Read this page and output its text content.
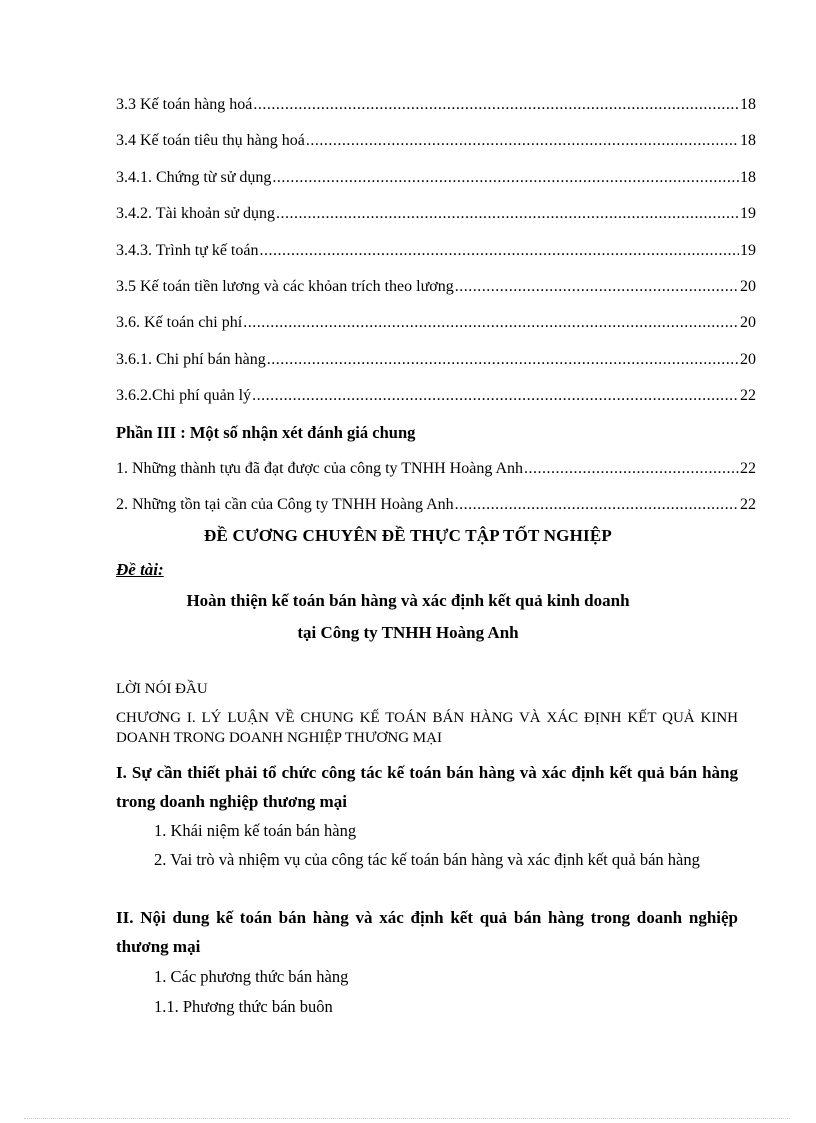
3.3 Kế toán hàng hoá .....	18
3.4 Kế toán tiêu thụ hàng hoá .....	18
3.4.1. Chứng từ sử dụng .....	18
3.4.2. Tài khoản sử dụng .....	19
3.4.3. Trình tự kế toán .....	19
3.5 Kế toán tiền lương và các khỏan trích theo lương .....	20
3.6. Kế toán chi phí .....	20
3.6.1. Chi phí bán hàng .....	20
3.6.2.Chi phí quản lý .....	22
Phần III : Một số nhận xét đánh giá chung
1. Những thành tựu đã đạt được của công ty TNHH Hoàng Anh .....	22
2. Những tồn tại cần của Công ty TNHH Hoàng Anh .....	22
ĐỀ CƯƠNG CHUYÊN ĐỀ THỰC TẬP TỐT NGHIỆP
Đề tài:
Hoàn thiện kế toán bán hàng và xác định kết quả kinh doanh
tại Công ty TNHH Hoàng Anh
LỜI NÓI ĐẦU
CHƯƠNG I. LÝ LUẬN VỀ CHUNG KẾ TOÁN BÁN HÀNG VÀ XÁC ĐỊNH KẾT QUẢ KINH DOANH TRONG DOANH NGHIỆP THƯƠNG MẠI
I. Sự cần thiết phải tổ chức công tác kế toán bán hàng và xác định kết quả bán hàng trong doanh nghiệp thương mại
1. Khái niệm kế toán bán hàng
2. Vai trò và nhiệm vụ của công tác kế toán bán hàng và xác định kết quả bán hàng
II. Nội dung kế toán bán hàng và xác định kết quả bán hàng trong doanh nghiệp thương mại
1. Các phương thức bán hàng
1.1. Phương thức bán buôn
